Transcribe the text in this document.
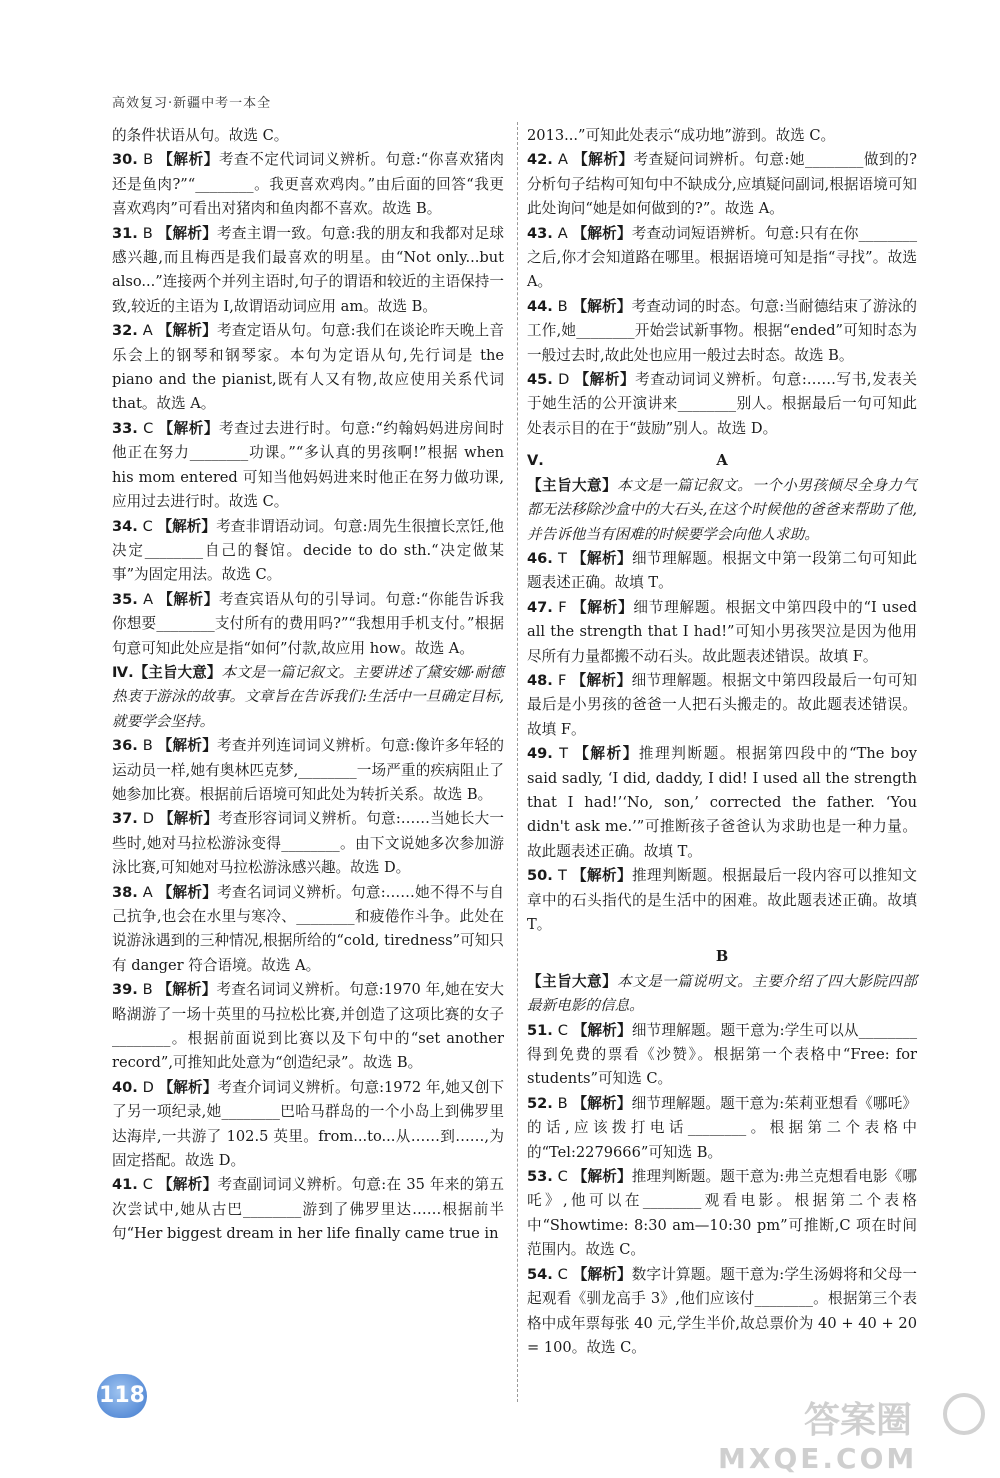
高效复习·新疆中考一本全

的条件状语从句。故选 C。

30. B 【解析】考查不定代词词义辨析。句意:“你喜欢猪肉还是鱼肉?”“________。我更喜欢鸡肉。”由后面的回答“我更喜欢鸡肉”可看出对猪肉和鱼肉都不喜欢。故选 B。

31. B 【解析】考查主谓一致。句意:我的朋友和我都对足球感兴趣,而且梅西是我们最喜欢的明星。由“Not only...but also...”连接两个并列主语时,句子的谓语和较近的主语保持一致,较近的主语为 I,故谓语动词应用 am。故选 B。

32. A 【解析】考查定语从句。句意:我们在谈论昨天晚上音乐会上的钢琴和钢琴家。本句为定语从句,先行词是 the piano and the pianist,既有人又有物,故应使用关系代词 that。故选 A。

33. C 【解析】考查过去进行时。句意:“约翰妈妈进房间时他正在努力________功课。”“多认真的男孩啊!”根据 when his mom entered 可知当他妈妈进来时他正在努力做功课,应用过去进行时。故选 C。

34. C 【解析】考查非谓语动词。句意:周先生很擅长烹饪,他决定________自己的餐馆。decide to do sth.“决定做某事”为固定用法。故选 C。

35. A 【解析】考查宾语从句的引导词。句意:“你能告诉我你想要________支付所有的费用吗?”“我想用手机支付。”根据句意可知此处应是指“如何”付款,故应用 how。故选 A。

Ⅳ.【主旨大意】本文是一篇记叙文。主要讲述了黛安娜·耐德热衷于游泳的故事。文章旨在告诉我们:生活中一旦确定目标,就要学会坚持。

36. B 【解析】考查并列连词词义辨析。句意:像许多年轻的运动员一样,她有奥林匹克梦,________一场严重的疾病阻止了她参加比赛。根据前后语境可知此处为转折关系。故选 B。

37. D 【解析】考查形容词词义辨析。句意:……当她长大一些时,她对马拉松游泳变得________。由下文说她多次参加游泳比赛,可知她对马拉松游泳感兴趣。故选 D。

38. A 【解析】考查名词词义辨析。句意:……她不得不与自己抗争,也会在水里与寒冷、________和疲倦作斗争。此处在说游泳遇到的三种情况,根据所给的“cold, tiredness”可知只有 danger 符合语境。故选 A。

39. B 【解析】考查名词词义辨析。句意:1970 年,她在安大略湖游了一场十英里的马拉松比赛,并创造了这项比赛的女子________。根据前面说到比赛以及下句中的“set another record”,可推知此处意为“创造纪录”。故选 B。

40. D 【解析】考查介词词义辨析。句意:1972 年,她又创下了另一项纪录,她________巴哈马群岛的一个小岛上到佛罗里达海岸,一共游了 102.5 英里。from...to...从……到……,为固定搭配。故选 D。

41. C 【解析】考查副词词义辨析。句意:在 35 年来的第五次尝试中,她从古巴________游到了佛罗里达……根据前半句“Her biggest dream in her life finally came true in

2013...”可知此处表示“成功地”游到。故选 C。

42. A 【解析】考查疑问词辨析。句意:她________做到的?分析句子结构可知句中不缺成分,应填疑问副词,根据语境可知此处询问“她是如何做到的?”。故选 A。

43. A 【解析】考查动词短语辨析。句意:只有在你________之后,你才会知道路在哪里。根据语境可知是指“寻找”。故选 A。

44. B 【解析】考查动词的时态。句意:当耐德结束了游泳的工作,她________开始尝试新事物。根据“ended”可知时态为一般过去时,故此处也应用一般过去时态。故选 B。

45. D 【解析】考查动词词义辨析。句意:……写书,发表关于她生活的公开演讲来________别人。根据最后一句可知此处表示目的在于“鼓励”别人。故选 D。

Ⅴ.	A

【主旨大意】本文是一篇记叙文。一个小男孩倾尽全身力气都无法移除沙盒中的大石头,在这个时候他的爸爸来帮助了他,并告诉他当有困难的时候要学会向他人求助。

46. T 【解析】细节理解题。根据文中第一段第二句可知此题表述正确。故填 T。

47. F 【解析】细节理解题。根据文中第四段中的“I used all the strength that I had!”可知小男孩哭泣是因为他用尽所有力量都搬不动石头。故此题表述错误。故填 F。

48. F 【解析】细节理解题。根据文中第四段最后一句可知最后是小男孩的爸爸一人把石头搬走的。故此题表述错误。故填 F。

49. T 【解析】推理判断题。根据第四段中的“The boy said sadly, ‘I did, daddy, I did! I used all the strength that I had!’‘No, son,’ corrected the father. ‘You didn't ask me.’”可推断孩子爸爸认为求助也是一种力量。故此题表述正确。故填 T。

50. T 【解析】推理判断题。根据最后一段内容可以推知文章中的石头指代的是生活中的困难。故此题表述正确。故填 T。

B

【主旨大意】本文是一篇说明文。主要介绍了四大影院四部最新电影的信息。

51. C 【解析】细节理解题。题干意为:学生可以从________得到免费的票看《沙赞》。根据第一个表格中“Free: for students”可知选 C。

52. B 【解析】细节理解题。题干意为:茱莉亚想看《哪吒》的话,应该拨打电话________。根据第二个表格中的“Tel:2279666”可知选 B。

53. C 【解析】推理判断题。题干意为:弗兰克想看电影《哪吒》,他可以在________观看电影。根据第二个表格中“Showtime: 8:30 am—10:30 pm”可推断,C 项在时间范围内。故选 C。

54. C 【解析】数字计算题。题干意为:学生汤姆将和父母一起观看《驯龙高手 3》,他们应该付________。根据第三个表格中成年票每张 40 元,学生半价,故总票价为 40 + 40 + 20 = 100。故选 C。

118
答案圈
MXQE.COM
